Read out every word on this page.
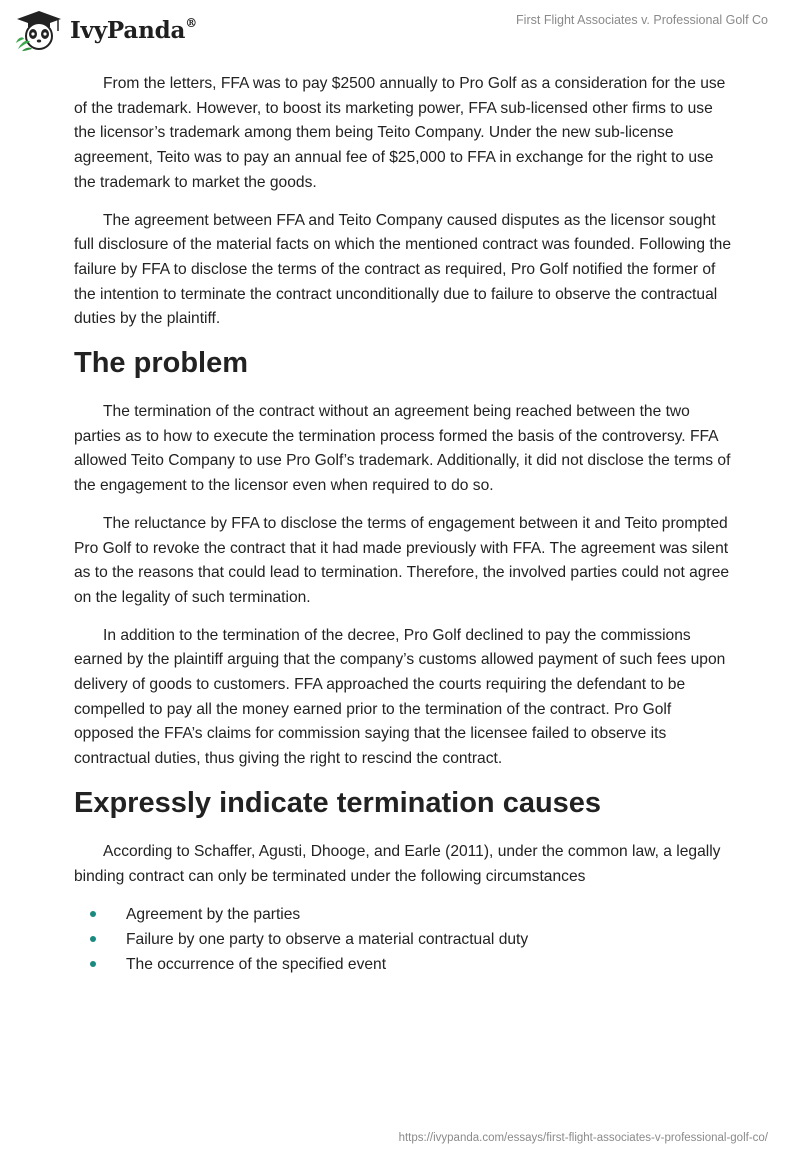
IvyPanda®	First Flight Associates v. Professional Golf Co

From the letters, FFA was to pay $2500 annually to Pro Golf as a consideration for the use of the trademark. However, to boost its marketing power, FFA sub-licensed other firms to use the licensor’s trademark among them being Teito Company. Under the new sub-license agreement, Teito was to pay an annual fee of $25,000 to FFA in exchange for the right to use the trademark to market the goods.

The agreement between FFA and Teito Company caused disputes as the licensor sought full disclosure of the material facts on which the mentioned contract was founded. Following the failure by FFA to disclose the terms of the contract as required, Pro Golf notified the former of the intention to terminate the contract unconditionally due to failure to observe the contractual duties by the plaintiff.

The problem

The termination of the contract without an agreement being reached between the two parties as to how to execute the termination process formed the basis of the controversy. FFA allowed Teito Company to use Pro Golf’s trademark. Additionally, it did not disclose the terms of the engagement to the licensor even when required to do so.

The reluctance by FFA to disclose the terms of engagement between it and Teito prompted Pro Golf to revoke the contract that it had made previously with FFA. The agreement was silent as to the reasons that could lead to termination. Therefore, the involved parties could not agree on the legality of such termination.

In addition to the termination of the decree, Pro Golf declined to pay the commissions earned by the plaintiff arguing that the company’s customs allowed payment of such fees upon delivery of goods to customers. FFA approached the courts requiring the defendant to be compelled to pay all the money earned prior to the termination of the contract. Pro Golf opposed the FFA’s claims for commission saying that the licensee failed to observe its contractual duties, thus giving the right to rescind the contract.

Expressly indicate termination causes

According to Schaffer, Agusti, Dhooge, and Earle (2011), under the common law, a legally binding contract can only be terminated under the following circumstances

Agreement by the parties
Failure by one party to observe a material contractual duty
The occurrence of the specified event
https://ivypanda.com/essays/first-flight-associates-v-professional-golf-co/
